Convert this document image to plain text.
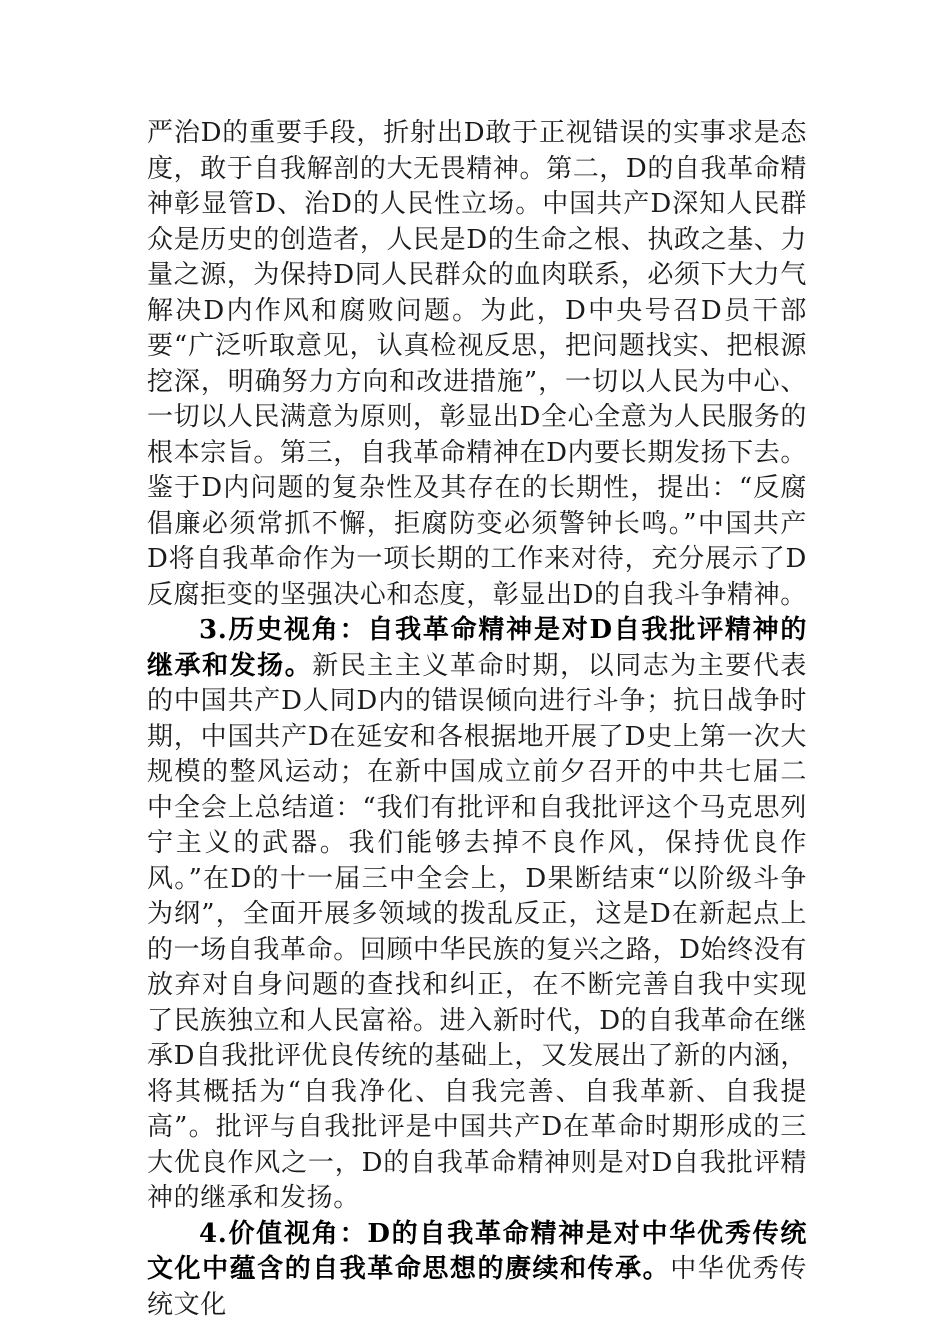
严治D的重要手段，折射出D敢于正视错误的实事求是态度，敢于自我解剖的大无畏精神。第二，D的自我革命精神彰显管D、治D的人民性立场。中国共产D深知人民群众是历史的创造者，人民是D的生命之根、执政之基、力量之源，为保持D同人民群众的血肉联系，必须下大力气解决D内作风和腐败问题。为此，D中央号召D员干部要“广泛听取意见，认真检视反思，把问题找实、把根源挖深，明确努力方向和改进措施”，一切以人民为中心、一切以人民满意为原则，彰显出D全心全意为人民服务的根本宗旨。第三，自我革命精神在D内要长期发扬下去。鉴于D内问题的复杂性及其存在的长期性，提出：“反腐倡廉必须常抓不懈，拒腐防变必须警钟长鸣。”中国共产D将自我革命作为一项长期的工作来对待，充分展示了D反腐拒变的坚强决心和态度，彰显出D的自我斗争精神。

3.历史视角：自我革命精神是对D自我批评精神的继承和发扬。新民主主义革命时期，以同志为主要代表的中国共产D人同D内的错误倾向进行斗争；抗日战争时期，中国共产D在延安和各根据地开展了D史上第一次大规模的整风运动；在新中国成立前夕召开的中共七届二中全会上总结道：“我们有批评和自我批评这个马克思列宁主义的武器。我们能够去掉不良作风，保持优良作风。”在D的十一届三中全会上，D果断结束“以阶级斗争为纲”，全面开展多领域的拨乱反正，这是D在新起点上的一场自我革命。回顾中华民族的复兴之路，D始终没有放弃对自身问题的查找和纠正，在不断完善自我中实现了民族独立和人民富裕。进入新时代，D的自我革命在继承D自我批评优良传统的基础上，又发展出了新的内涵，将其概括为“自我净化、自我完善、自我革新、自我提高”。批评与自我批评是中国共产D在革命时期形成的三大优良作风之一，D的自我革命精神则是对D自我批评精神的继承和发扬。

4.价值视角：D的自我革命精神是对中华优秀传统文化中蕴含的自我革命思想的赓续和传承。中华优秀传统文化
